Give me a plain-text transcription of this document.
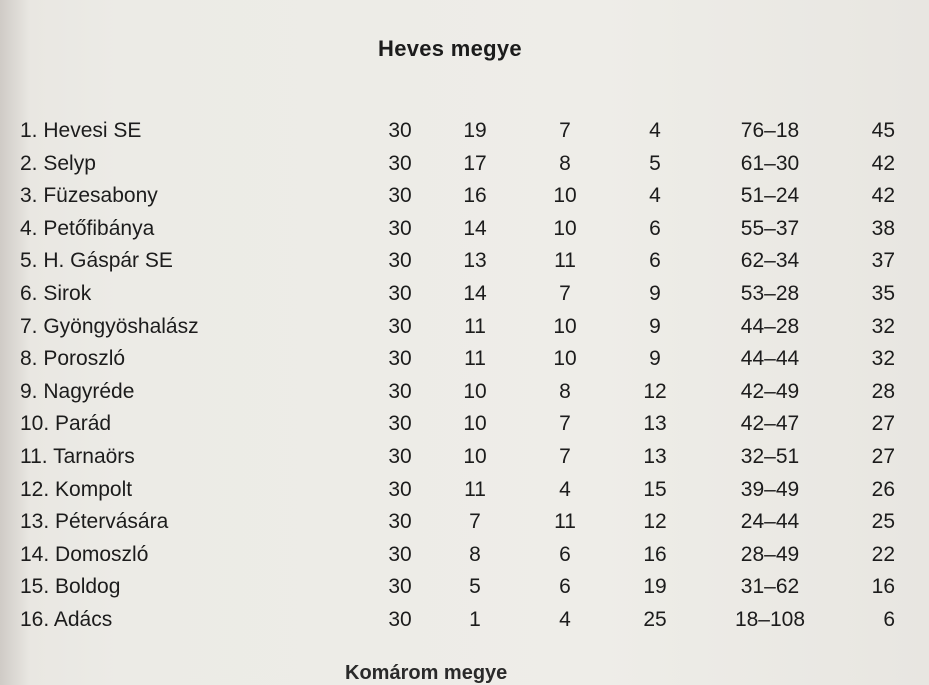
Heves megye
1. Hevesi SE	30	19	7	4	76–18	45
2. Selyp	30	17	8	5	61–30	42
3. Füzesabony	30	16	10	4	51–24	42
4. Petőfibánya	30	14	10	6	55–37	38
5. H. Gáspár SE	30	13	11	6	62–34	37
6. Sirok	30	14	7	9	53–28	35
7. Gyöngyöshalász	30	11	10	9	44–28	32
8. Poroszló	30	11	10	9	44–44	32
9. Nagyréde	30	10	8	12	42–49	28
10. Parád	30	10	7	13	42–47	27
11. Tarnaörs	30	10	7	13	32–51	27
12. Kompolt	30	11	4	15	39–49	26
13. Pétervására	30	7	11	12	24–44	25
14. Domoszló	30	8	6	16	28–49	22
15. Boldog	30	5	6	19	31–62	16
16. Adács	30	1	4	25	18–108	6
Komárom megye
